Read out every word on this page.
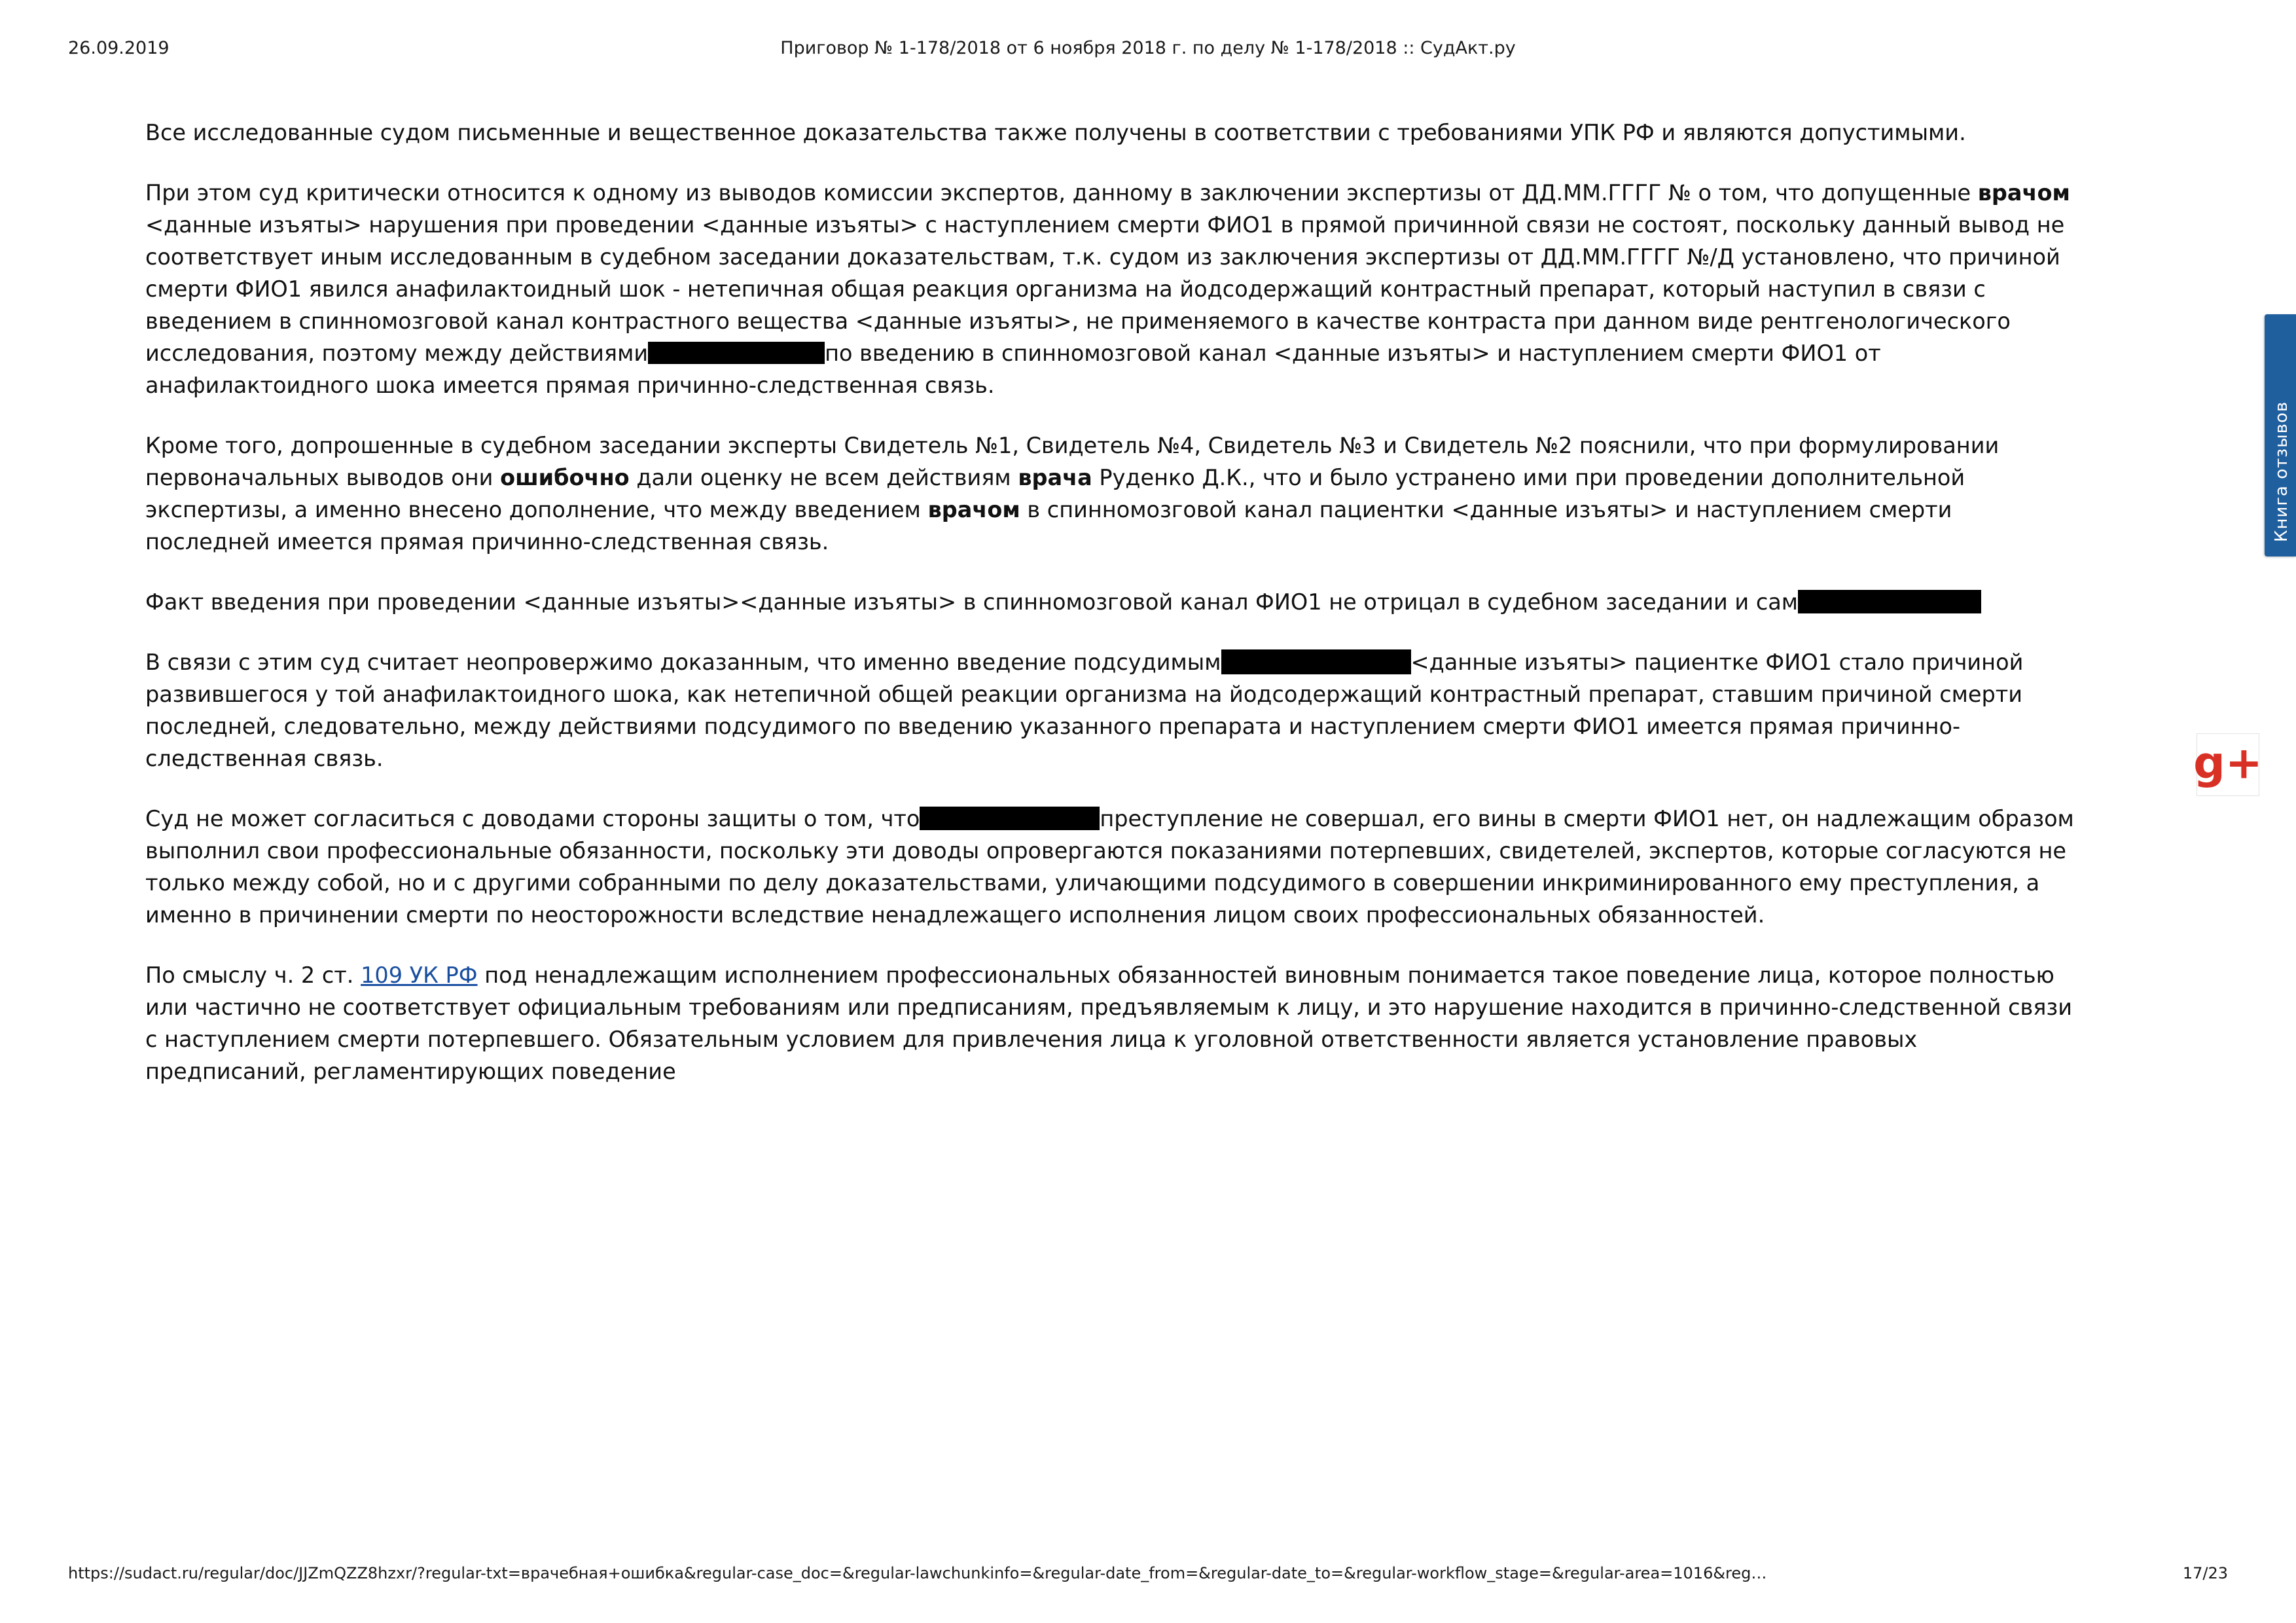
26.09.2019	Приговор № 1-178/2018 от 6 ноября 2018 г. по делу № 1-178/2018 :: СудАкт.ру

Все исследованные судом письменные и вещественное доказательства также получены в соответствии с требованиями УПК РФ и являются допустимыми.

При этом суд критически относится к одному из выводов комиссии экспертов, данному в заключении экспертизы от ДД.ММ.ГГГГ № о том, что допущенные врачом <данные изъяты> нарушения при проведении <данные изъяты> с наступлением смерти ФИО1 в прямой причинной связи не состоят, поскольку данный вывод не соответствует иным исследованным в судебном заседании доказательствам, т.к. судом из заключения экспертизы от ДД.ММ.ГГГГ №/Д установлено, что причиной смерти ФИО1 явился анафилактоидный шок - нетепичная общая реакция организма на йодсодержащий контрастный препарат, который наступил в связи с введением в спинномозговой канал контрастного вещества <данные изъяты>, не применяемого в качестве контраста при данном виде рентгенологического исследования, поэтому между действиями	по введению в спинномозговой канал <данные изъяты> и наступлением смерти ФИО1 от анафилактоидного шока имеется прямая причинно-следственная связь.

Кроме того, допрошенные в судебном заседании эксперты Свидетель №1, Свидетель №4, Свидетель №3 и Свидетель №2 пояснили, что при формулировании первоначальных выводов они ошибочно дали оценку не всем действиям врача Руденко Д.К., что и было устранено ими при проведении дополнительной экспертизы, а именно внесено дополнение, что между введением врачом в спинномозговой канал пациентки <данные изъяты> и наступлением смерти последней имеется прямая причинно-следственная связь.

Факт введения при проведении <данные изъяты><данные изъяты> в спинномозговой канал ФИО1 не отрицал в судебном заседании и сам

В связи с этим суд считает неопровержимо доказанным, что именно введение подсудимым	<данные изъяты> пациентке ФИО1 стало причиной развившегося у той анафилактоидного шока, как нетепичной общей реакции организма на йодсодержащий контрастный препарат, ставшим причиной смерти последней, следовательно, между действиями подсудимого по введению указанного препарата и наступлением смерти ФИО1 имеется прямая причинно-следственная связь.

Суд не может согласиться с доводами стороны защиты о том, что	преступление не совершал, его вины в смерти ФИО1 нет, он надлежащим образом выполнил свои профессиональные обязанности, поскольку эти доводы опровергаются показаниями потерпевших, свидетелей, экспертов, которые согласуются не только между собой, но и с другими собранными по делу доказательствами, уличающими подсудимого в совершении инкриминированного ему преступления, а именно в причинении смерти по неосторожности вследствие ненадлежащего исполнения лицом своих профессиональных обязанностей.

По смыслу ч. 2 ст. 109 УК РФ под ненадлежащим исполнением профессиональных обязанностей виновным понимается такое поведение лица, которое полностью или частично не соответствует официальным требованиям или предписаниям, предъявляемым к лицу, и это нарушение находится в причинно-следственной связи с наступлением смерти потерпевшего. Обязательным условием для привлечения лица к уголовной ответственности является установление правовых предписаний, регламентирующих поведение

Книга отзывов
g+
https://sudact.ru/regular/doc/JJZmQZZ8hzxr/?regular-txt=врачебная+ошибка&regular-case_doc=&regular-lawchunkinfo=&regular-date_from=&regular-date_to=&regular-workflow_stage=&regular-area=1016&reg…	17/23
